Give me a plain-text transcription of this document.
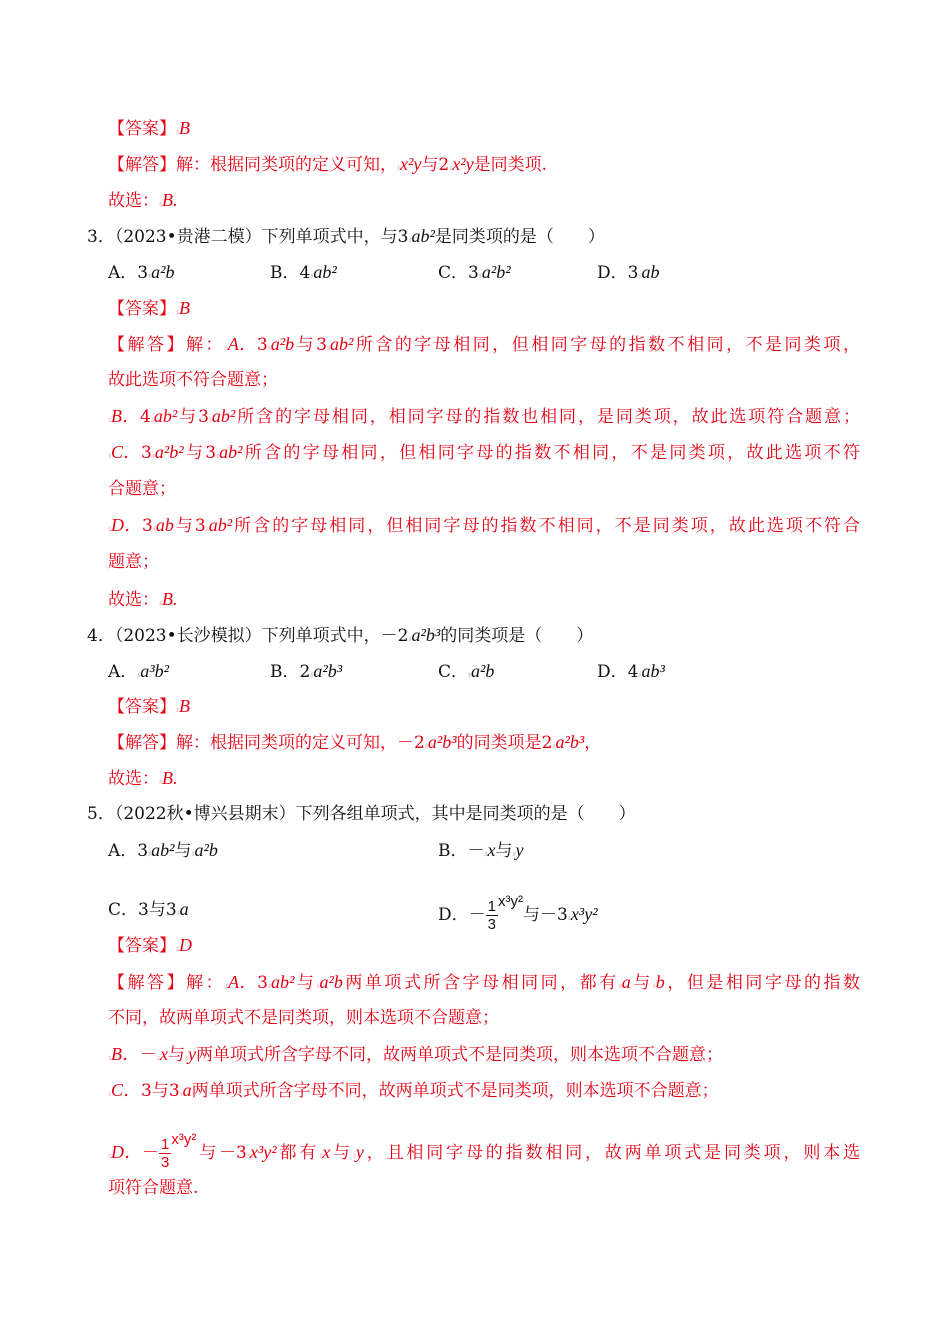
【答案】$B
【解答】解：根据同类项的定义可知，$x²y与2$x²y是同类项.
故选：$B.
3．（2023•贵港二模）下列单项式中，与3$ab²是同类项的是（　　）
A．3$a²b	B．4$ab²	C．3$a²b²	D．3$ab
【答案】$B
【解答】解：$A．3$a²b与3$ab²所含的字母相同，但相同字母的指数不相同，不是同类项，
故此选项不符合题意；
$B．4$ab²与3$ab²所含的字母相同，相同字母的指数也相同，是同类项，故此选项符合题意；
$C．3$a²b²与3$ab²所含的字母相同，但相同字母的指数不相同，不是同类项，故此选项不符
合题意；
$D．3$ab与3$ab²所含的字母相同，但相同字母的指数不相同，不是同类项，故此选项不符合
题意；
故选：$B.
4．（2023•长沙模拟）下列单项式中，－2$a²b³的同类项是（　　）
A．$a³b²	B．2$a²b³	C．$a²b	D．4$ab³
【答案】$B
【解答】解：根据同类项的定义可知，－2$a²b³的同类项是2$a²b³，
故选：$B.
5．（2022秋•博兴县期末）下列各组单项式，其中是同类项的是（　　）
A．3$ab²与$a²b	B．－$x与$y
C．3与3$a	D．－ $\frac{1}{3} x^3y^2$与－3$x³y²
【答案】$D
【解答】解：$A．3$ab²与$a²b两单项式所含字母相同同，都有$a与$b，但是相同字母的指数
不同，故两单项式不是同类项，则本选项不合题意；
$B．－$x与$y两单项式所含字母不同，故两单项式不是同类项，则本选项不合题意；
$C．3与3$a两单项式所含字母不同，故两单项式不是同类项，则本选项不合题意；
$D．－ $\frac{1}{3} x^3y^2$与－3$x³y²都有$x与$y，且相同字母的指数相同，故两单项式是同类项，则本选
项符合题意.
